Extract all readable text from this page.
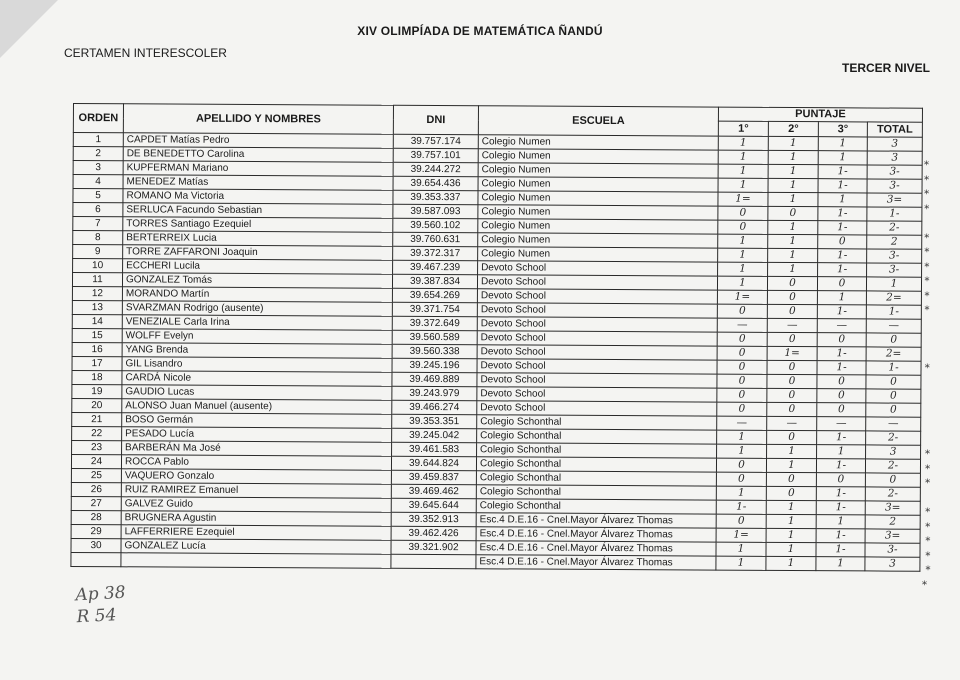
XIV OLIMPÍADA DE MATEMÁTICA ÑANDÚ
CERTAMEN INTERESCOLER
TERCER NIVEL
ORDEN	APELLIDO Y NOMBRES	DNI	ESCUELA	PUNTAJE			
				1°	2°	3°	TOTAL
1	CAPDET Matías Pedro	39.757.174	Colegio Numen	1	1	1	3
2	DE BENEDETTO Carolina	39.757.101	Colegio Numen	1	1	1	3
3	KUPFERMAN Mariano	39.244.272	Colegio Numen	1	1	1-	3-
4	MENEDEZ Matías	39.654.436	Colegio Numen	1	1	1-	3-
5	ROMANO Ma Victoria	39.353.337	Colegio Numen	1=	1	1	3=
6	SERLUCA Facundo Sebastian	39.587.093	Colegio Numen	0	0	1-	1-
7	TORRES Santiago Ezequiel	39.560.102	Colegio Numen	0	1	1-	2-
8	BERTERREIX Lucia	39.760.631	Colegio Numen	1	1	0	2
9	TORRE ZAFFARONI Joaquin	39.372.317	Colegio Numen	1	1	1-	3-
10	ECCHERI Lucila	39.467.239	Devoto School	1	1	1-	3-
11	GONZALEZ Tomás	39.387.834	Devoto School	1	0	0	1
12	MORANDO Martín	39.654.269	Devoto School	1=	0	1	2=
13	SVARZMAN Rodrigo (ausente)	39.371.754	Devoto School	0	0	1-	1-
14	VENEZIALE Carla Irina	39.372.649	Devoto School	—	—	—	—
15	WOLFF Evelyn	39.560.589	Devoto School	0	0	0	0
16	YANG Brenda	39.560.338	Devoto School	0	1=	1-	2=
17	GIL Lisandro	39.245.196	Devoto School	0	0	1-	1-
18	CARDÁ Nicole	39.469.889	Devoto School	0	0	0	0
19	GAUDIO Lucas	39.243.979	Devoto School	0	0	0	0
20	ALONSO Juan Manuel (ausente)	39.466.274	Devoto School	0	0	0	0
21	BOSO Germán	39.353.351	Colegio Schonthal	—	—	—	—
22	PESADO Lucía	39.245.042	Colegio Schonthal	1	0	1-	2-
23	BARBERÁN Ma José	39.461.583	Colegio Schonthal	1	1	1	3
24	ROCCA Pablo	39.644.824	Colegio Schonthal	0	1	1-	2-
25	VAQUERO Gonzalo	39.459.837	Colegio Schonthal	0	0	0	0
26	RUIZ RAMIREZ Emanuel	39.469.462	Colegio Schonthal	1	0	1-	2-
27	GALVEZ Guido	39.645.644	Colegio Schonthal	1-	1	1-	3=
28	BRUGNERA Agustin	39.352.913	Esc.4 D.E.16 - Cnel.Mayor Álvarez Thomas	0	1	1	2
29	LAFFERRIERE Ezequiel	39.462.426	Esc.4 D.E.16 - Cnel.Mayor Álvarez Thomas	1=	1	1-	3=
30	GONZALEZ Lucía	39.321.902	Esc.4 D.E.16 - Cnel.Mayor Álvarez Thomas	1	1	1-	3-
			Esc.4 D.E.16 - Cnel.Mayor Álvarez Thomas	1	1	1	3
*
*
*
*
*
*
*
*
*
*
*
*
*
*
*
*
*
*
*
*
Ap 38
R 54
